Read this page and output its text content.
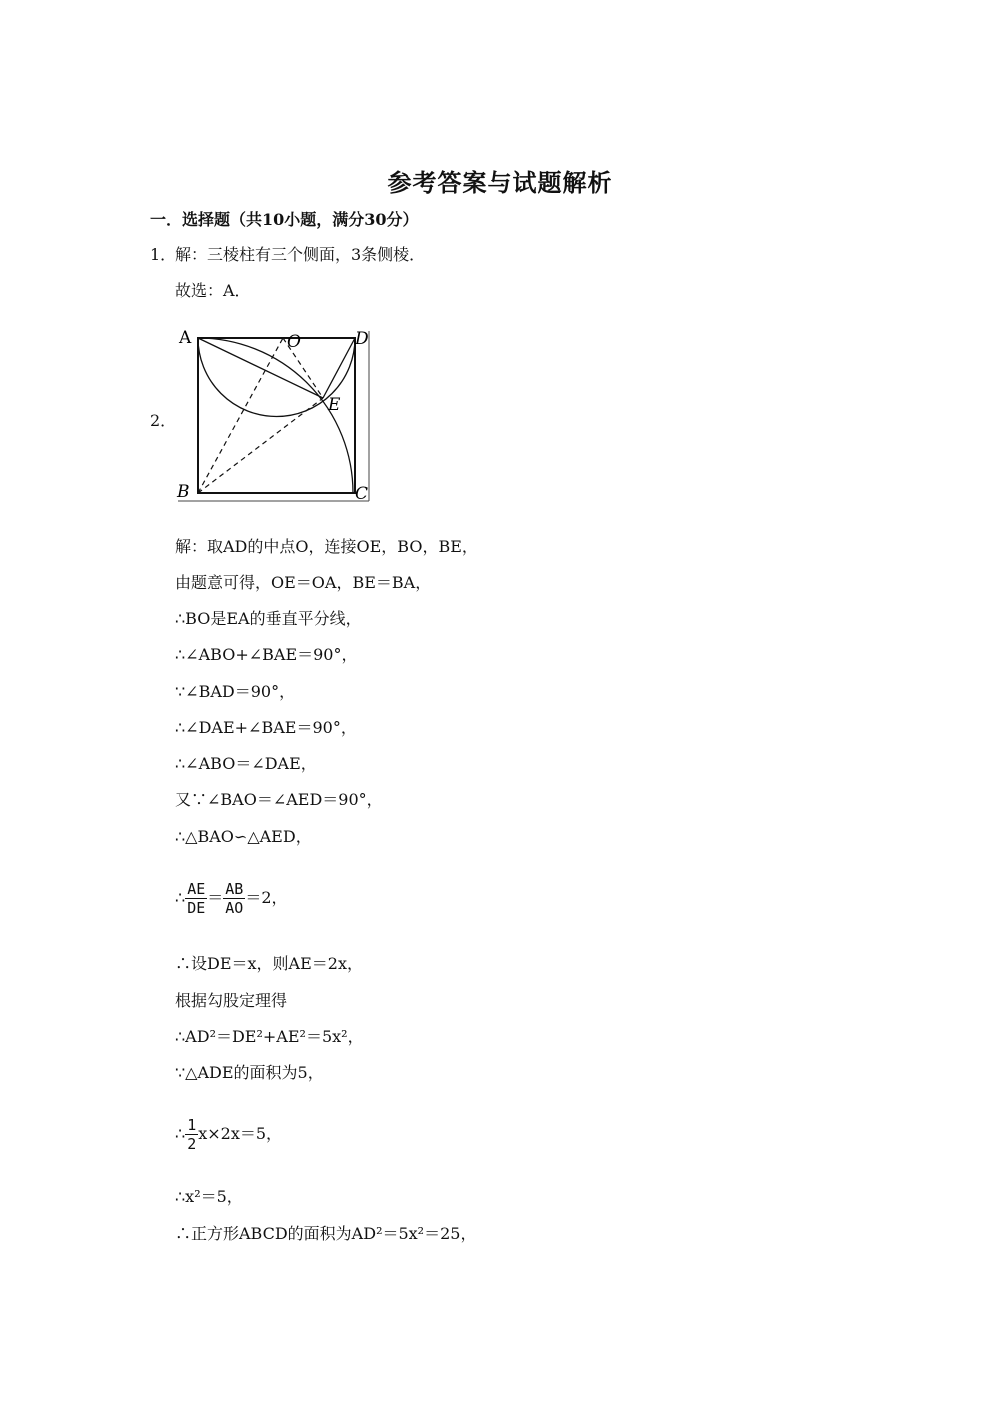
参考答案与试题解析
一．选择题（共10小题，满分30分）
1．
解：三棱柱有三个侧面，3条侧棱．
故选：A．
2．
A	D
O
E
B	C
解：取AD的中点O，连接OE，BO，BE，
由题意可得，OE＝OA，BE＝BA，
∴BO是EA的垂直平分线，
∴∠ABO+∠BAE＝90°，
∵∠BAD＝90°，
∴∠DAE+∠BAE＝90°，
∴∠ABO＝∠DAE，
又∵∠BAO＝∠AED＝90°，
∴△BAO∽△AED，
∴ $\frac{AE}{DE} = \frac{AB}{AO} =2$，
∴设DE＝x，则AE＝2x，
根据勾股定理得
∴AD²＝DE²+AE²＝5x²，
∵△ADE的面积为5，
∴ $\frac{1}{2} x\times 2x=5$，
∴x²＝5，
∴正方形ABCD的面积为AD²＝5x²＝25，
